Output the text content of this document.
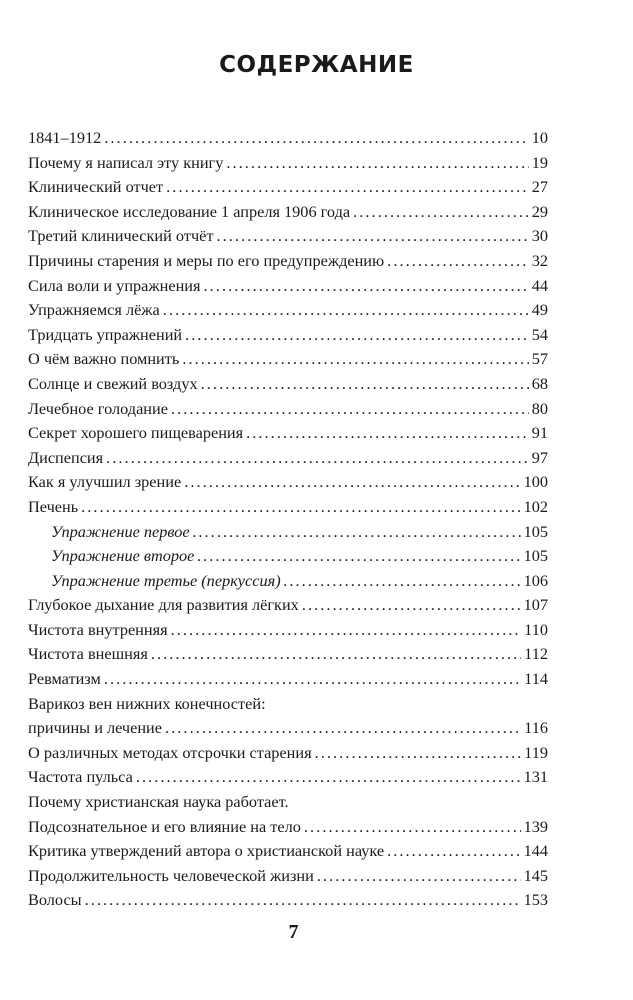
СОДЕРЖАНИЕ
1841–1912 . . .	10
Почему я написал эту книгу . . .	19
Клинический отчет . . .	27
Клиническое исследование 1 апреля 1906 года . . .	29
Третий клинический отчёт . . .	30
Причины старения и меры по его предупреждению . . .	32
Сила воли и упражнения . . .	44
Упражняемся лёжа . . .	49
Тридцать упражнений . . .	54
О чём важно помнить . . .	57
Солнце и свежий воздух . . .	68
Лечебное голодание . . .	80
Секрет хорошего пищеварения . . .	91
Диспепсия . . .	97
Как я улучшил зрение . . .	100
Печень . . .	102
Упражнение первое . . .	105
Упражнение второе . . .	105
Упражнение третье (перкуссия) . . .	106
Глубокое дыхание для развития лёгких . . .	107
Чистота внутренняя . . .	110
Чистота внешняя . . .	112
Ревматизм . . .	114
Варикоз вен нижних конечностей:
причины и лечение . . .	116
О различных методах отсрочки старения . . .	119
Частота пульса . . .	131
Почему христианская наука работает.
Подсознательное и его влияние на тело . . .	139
Критика утверждений автора о христианской науке . . .	144
Продолжительность человеческой жизни . . .	145
Волосы . . .	153
7
